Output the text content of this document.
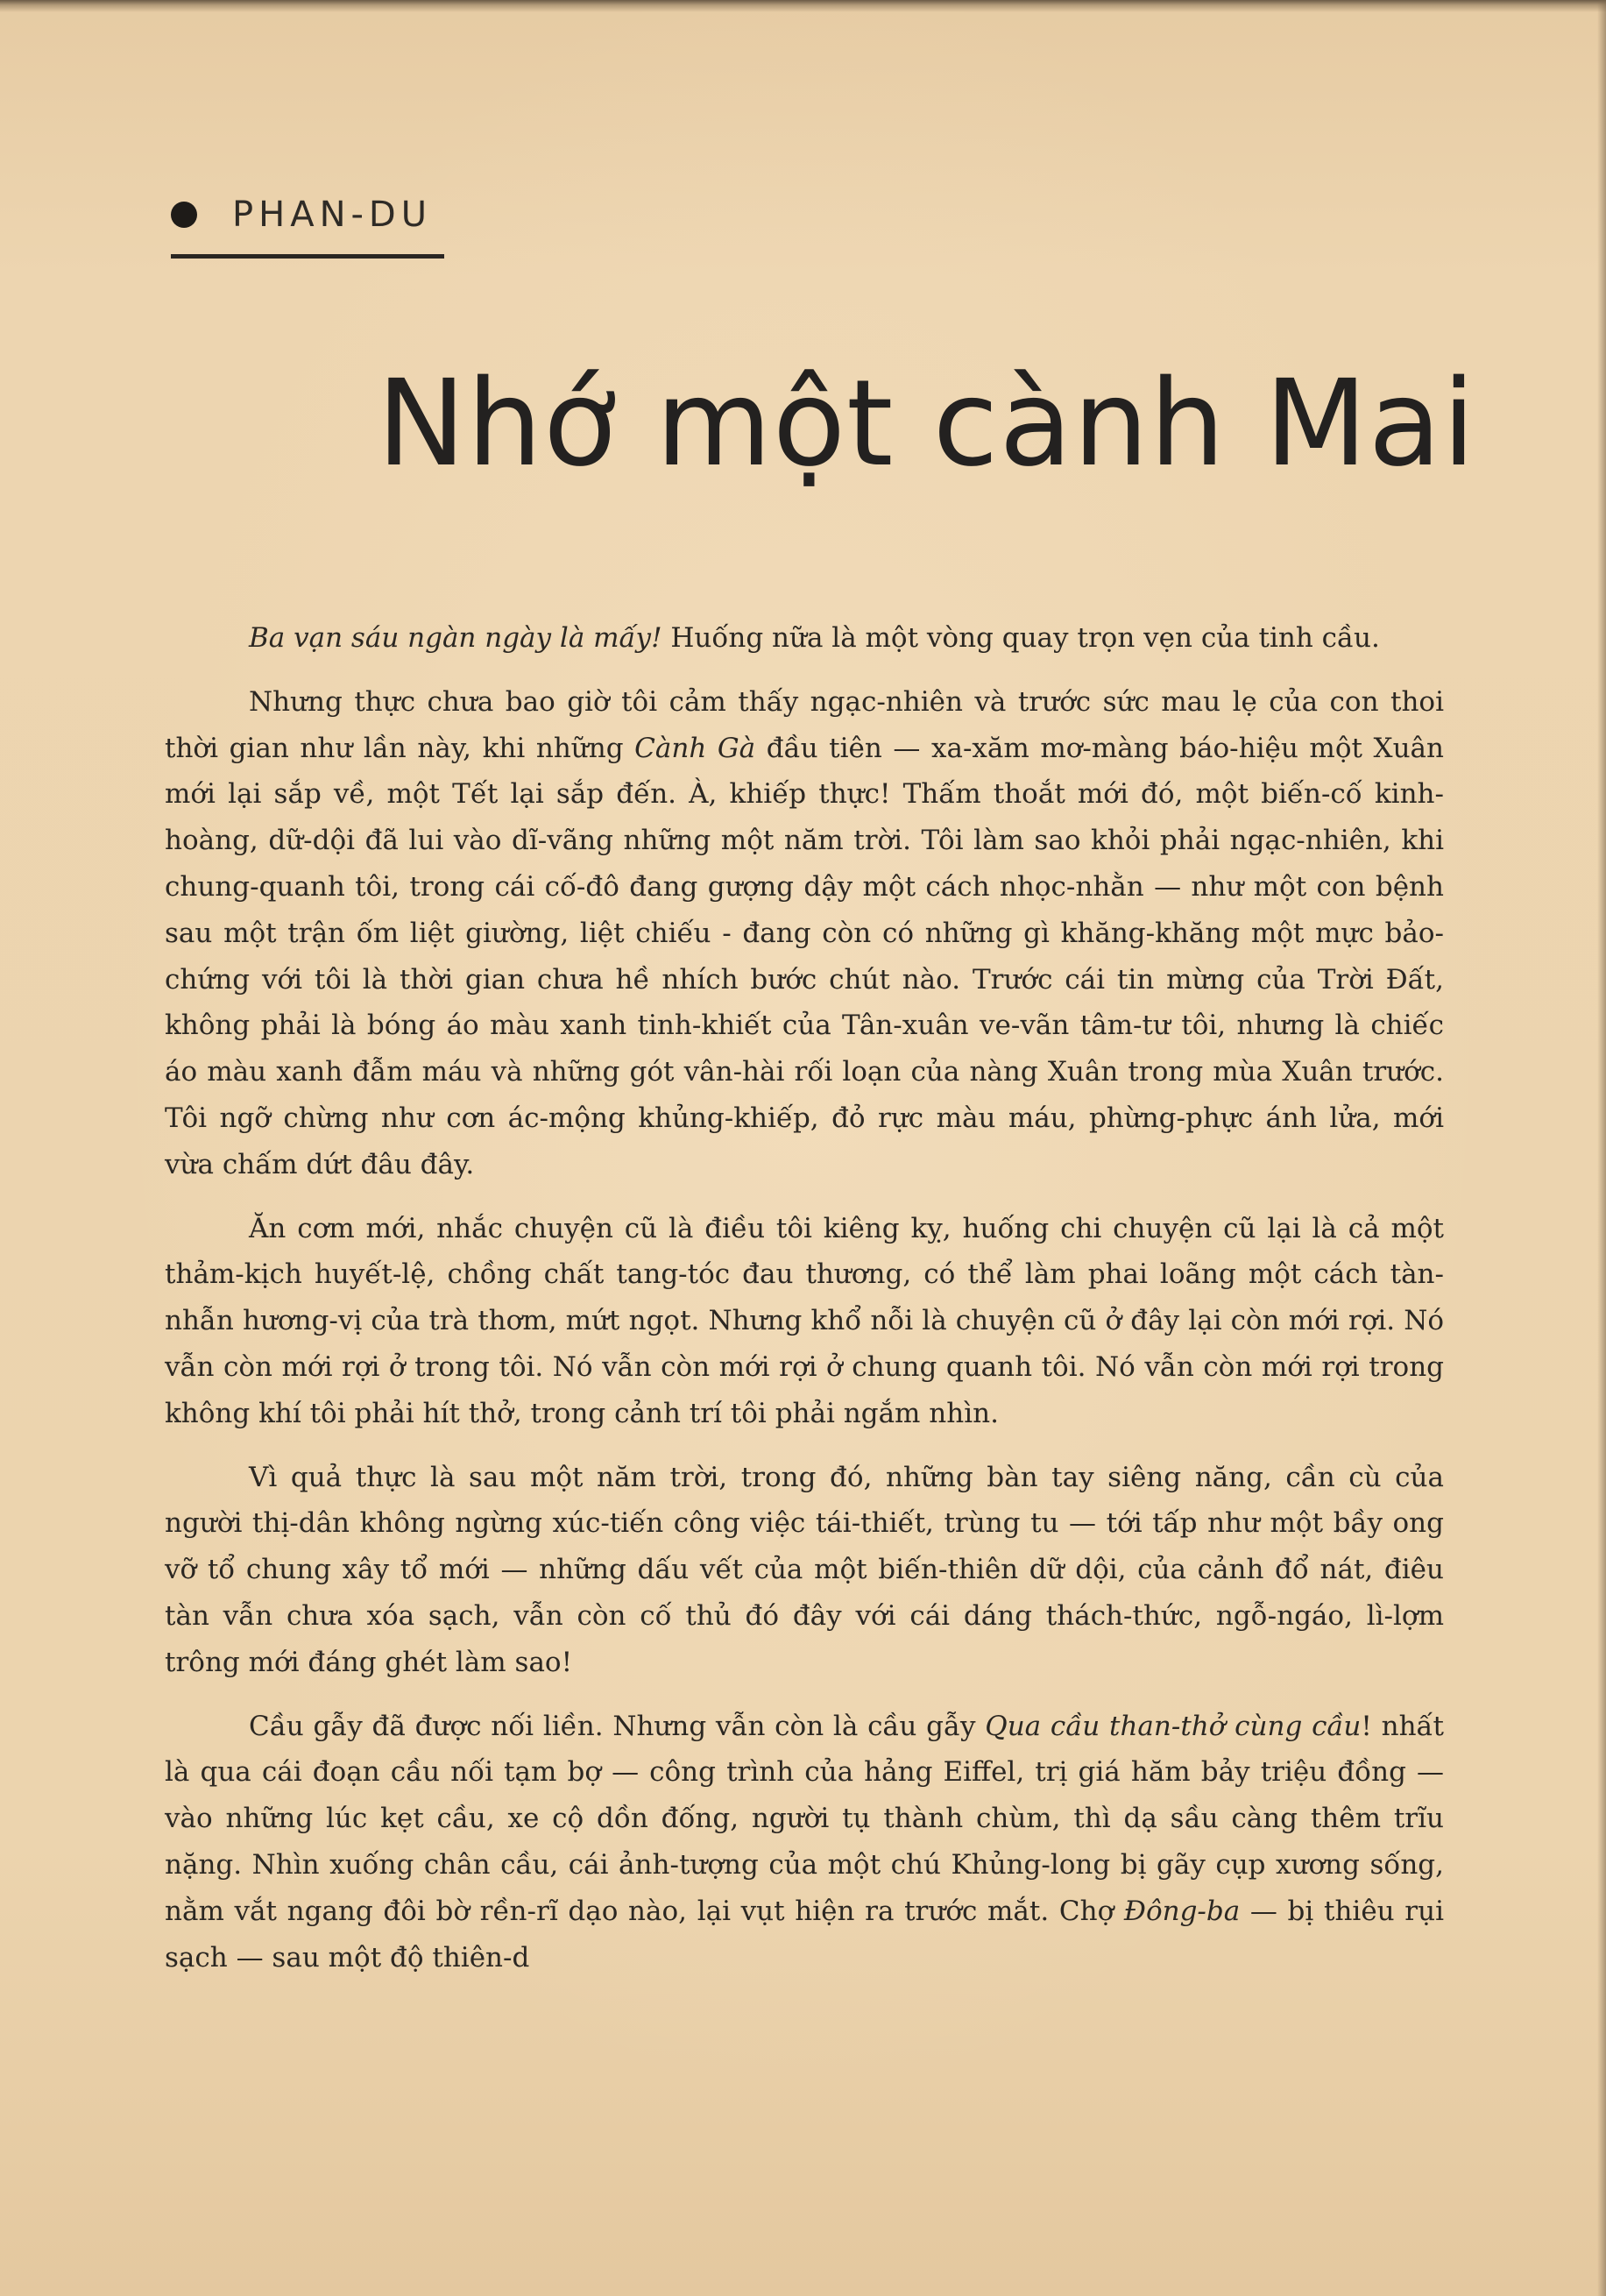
PHAN-DU
Nhớ một cành Mai

Ba vạn sáu ngàn ngày là mấy! Huống nữa là một vòng quay trọn vẹn của tinh cầu.

Nhưng thực chưa bao giờ tôi cảm thấy ngạc-nhiên và trước sức mau lẹ của con thoi thời gian như lần này, khi những Cành Gà đầu tiên — xa-xăm mơ-màng báo-hiệu một Xuân mới lại sắp về, một Tết lại sắp đến. À, khiếp thực! Thấm thoắt mới đó, một biến-cố kinh-hoàng, dữ-dội đã lui vào dĩ-vãng những một năm trời. Tôi làm sao khỏi phải ngạc-nhiên, khi chung-quanh tôi, trong cái cố-đô đang gượng dậy một cách nhọc-nhằn — như một con bệnh sau một trận ốm liệt giường, liệt chiếu - đang còn có những gì khăng-khăng một mực bảo-chứng với tôi là thời gian chưa hề nhích bước chút nào. Trước cái tin mừng của Trời Đất, không phải là bóng áo màu xanh tinh-khiết của Tân-xuân ve-vãn tâm-tư tôi, nhưng là chiếc áo màu xanh đẫm máu và những gót vân-hài rối loạn của nàng Xuân trong mùa Xuân trước. Tôi ngỡ chừng như cơn ác-mộng khủng-khiếp, đỏ rực màu máu, phừng-phực ánh lửa, mới vừa chấm dứt đâu đây.

Ăn cơm mới, nhắc chuyện cũ là điều tôi kiêng kỵ, huống chi chuyện cũ lại là cả một thảm-kịch huyết-lệ, chồng chất tang-tóc đau thương, có thể làm phai loãng một cách tàn-nhẫn hương-vị của trà thơm, mứt ngọt. Nhưng khổ nỗi là chuyện cũ ở đây lại còn mới rợi. Nó vẫn còn mới rợi ở trong tôi. Nó vẫn còn mới rợi ở chung quanh tôi. Nó vẫn còn mới rợi trong không khí tôi phải hít thở, trong cảnh trí tôi phải ngắm nhìn.

Vì quả thực là sau một năm trời, trong đó, những bàn tay siêng năng, cần cù của người thị-dân không ngừng xúc-tiến công việc tái-thiết, trùng tu — tới tấp như một bầy ong vỡ tổ chung xây tổ mới — những dấu vết của một biến-thiên dữ dội, của cảnh đổ nát, điêu tàn vẫn chưa xóa sạch, vẫn còn cố thủ đó đây với cái dáng thách-thức, ngỗ-ngáo, lì-lợm trông mới đáng ghét làm sao!

Cầu gẫy đã được nối liền. Nhưng vẫn còn là cầu gẫy Qua cầu than-thở cùng cầu! nhất là qua cái đoạn cầu nối tạm bợ — công trình của hảng Eiffel, trị giá hăm bảy triệu đồng — vào những lúc kẹt cầu, xe cộ dồn đống, người tụ thành chùm, thì dạ sầu càng thêm trĩu nặng. Nhìn xuống chân cầu, cái ảnh-tượng của một chú Khủng-long bị gãy cụp xương sống, nằm vắt ngang đôi bờ rền-rĩ dạo nào, lại vụt hiện ra trước mắt. Chợ Đông-ba — bị thiêu rụi sạch — sau một độ thiên-d
